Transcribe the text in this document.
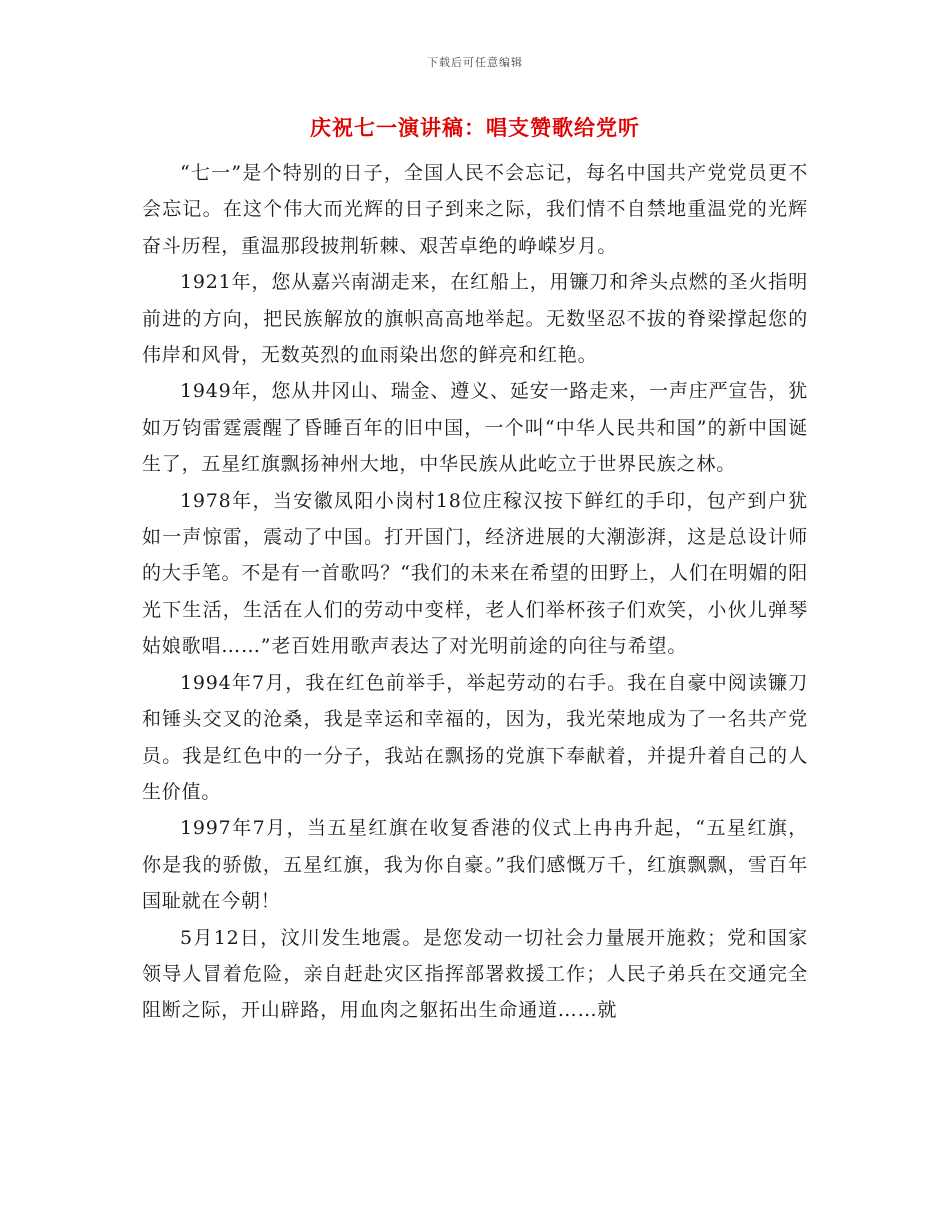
下载后可任意编辑
庆祝七一演讲稿：唱支赞歌给党听

“七一”是个特别的日子，全国人民不会忘记，每名中国共产党党员更不会忘记。在这个伟大而光辉的日子到来之际，我们情不自禁地重温党的光辉奋斗历程，重温那段披荆斩棘、艰苦卓绝的峥嵘岁月。

1921年，您从嘉兴南湖走来，在红船上，用镰刀和斧头点燃的圣火指明前进的方向，把民族解放的旗帜高高地举起。无数坚忍不拔的脊梁撑起您的伟岸和风骨，无数英烈的血雨染出您的鲜亮和红艳。

1949年，您从井冈山、瑞金、遵义、延安一路走来，一声庄严宣告，犹如万钧雷霆震醒了昏睡百年的旧中国，一个叫“中华人民共和国”的新中国诞生了，五星红旗飘扬神州大地，中华民族从此屹立于世界民族之林。

1978年，当安徽凤阳小岗村18位庄稼汉按下鲜红的手印，包产到户犹如一声惊雷，震动了中国。打开国门，经济进展的大潮澎湃，这是总设计师的大手笔。不是有一首歌吗？“我们的未来在希望的田野上，人们在明媚的阳光下生活，生活在人们的劳动中变样，老人们举杯孩子们欢笑，小伙儿弹琴姑娘歌唱……”老百姓用歌声表达了对光明前途的向往与希望。

1994年7月，我在红色前举手，举起劳动的右手。我在自豪中阅读镰刀和锤头交叉的沧桑，我是幸运和幸福的，因为，我光荣地成为了一名共产党员。我是红色中的一分子，我站在飘扬的党旗下奉献着，并提升着自己的人生价值。

1997年7月，当五星红旗在收复香港的仪式上冉冉升起，“五星红旗，你是我的骄傲，五星红旗，我为你自豪。”我们感慨万千，红旗飘飘，雪百年国耻就在今朝！

5月12日，汶川发生地震。是您发动一切社会力量展开施救；党和国家领导人冒着危险，亲自赶赴灾区指挥部署救援工作；人民子弟兵在交通完全阻断之际，开山辟路，用血肉之躯拓出生命通道……就
